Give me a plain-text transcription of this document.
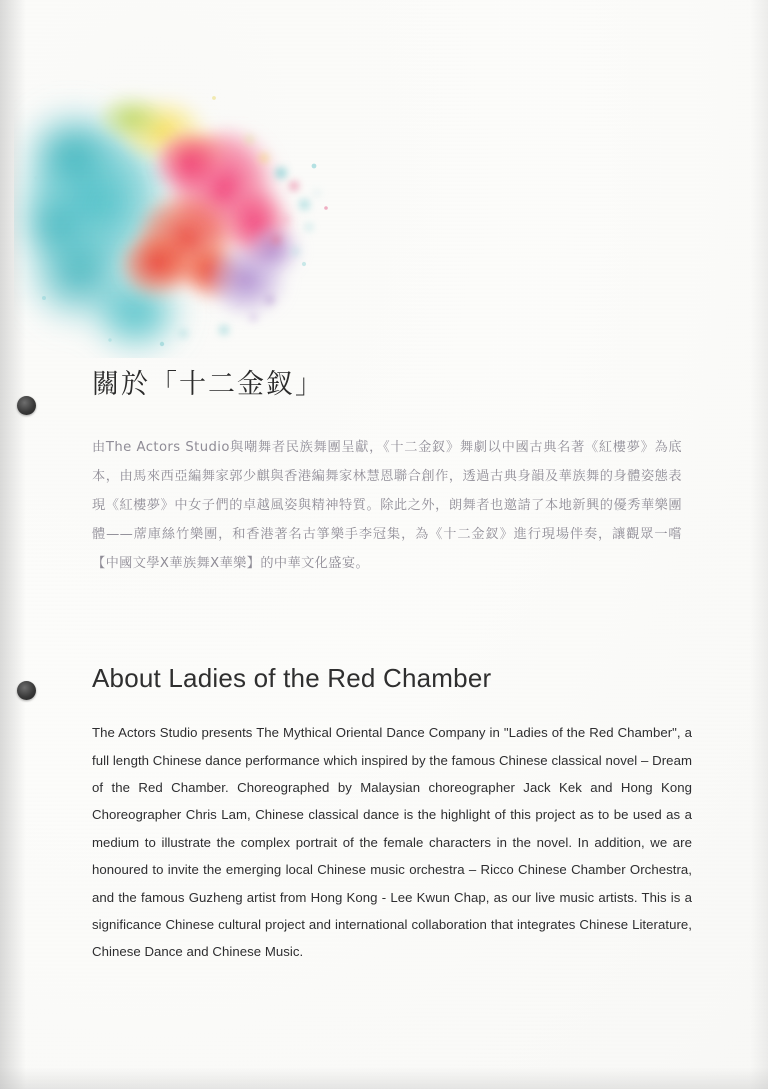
關於「十二金釵」

由The Actors Studio與嘲舞者民族舞團呈獻，《十二金釵》舞劇以中國古典名著《紅樓夢》為底本，由馬來西亞編舞家郭少麒與香港編舞家林慧恩聯合創作，透過古典身韻及華族舞的身體姿態表現《紅樓夢》中女子們的卓越風姿與精神特質。除此之外，朗舞者也邀請了本地新興的優秀華樂團體——蓆庫絲竹樂團，和香港著名古箏樂手李冠集，為《十二金釵》進行現場伴奏，讓觀眾一嚐【中國文學X華族舞X華樂】的中華文化盛宴。

About Ladies of the Red Chamber

The Actors Studio presents The Mythical Oriental Dance Company in "Ladies of the Red Chamber", a full length Chinese dance performance which inspired by the famous Chinese classical novel – Dream of the Red Chamber. Choreographed by Malaysian choreographer Jack Kek and Hong Kong Choreographer Chris Lam, Chinese classical dance is the highlight of this project as to be used as a medium to illustrate the complex portrait of the female characters in the novel. In addition, we are honoured to invite the emerging local Chinese music orchestra – Ricco Chinese Chamber Orchestra, and the famous Guzheng artist from Hong Kong - Lee Kwun Chap, as our live music artists. This is a significance Chinese cultural project and international collaboration that integrates Chinese Literature, Chinese Dance and Chinese Music.
